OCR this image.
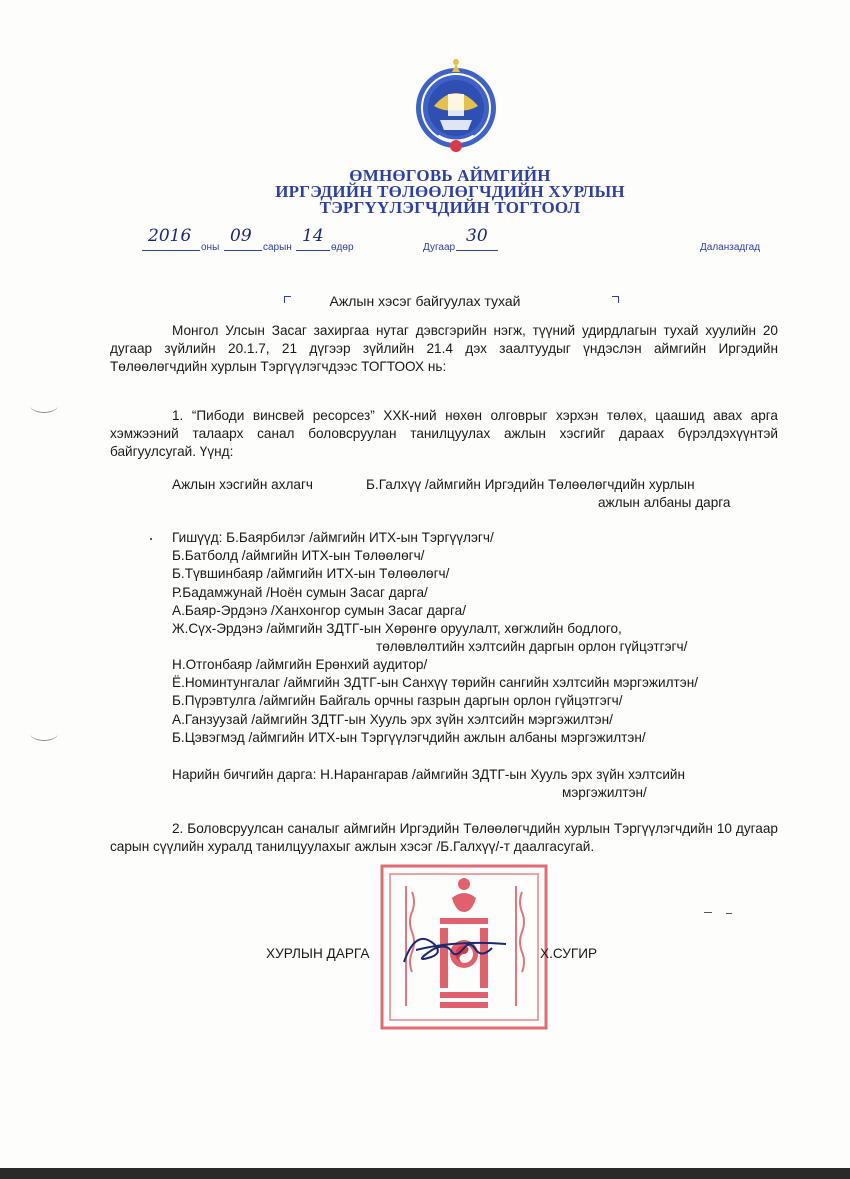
ӨМНӨГОВЬ АЙМГИЙН
ИРГЭДИЙН ТӨЛӨӨЛӨГЧДИЙН ХУРЛЫН
ТЭРГҮҮЛЭГЧДИЙН ТОГТООЛ
2016
оны
09
сарын
14
өдөр	Дугаар
30
Даланзадгад
Ажлын хэсэг байгуулах тухай
Монгол Улсын Засаг захиргаа нутаг дэвсгэрийн нэгж, түүний удирдлагын тухай хуулийн 20 дугаар зүйлийн 20.1.7, 21 дүгээр зүйлийн 21.4 дэх заалтуудыг үндэслэн аймгийн Иргэдийн Төлөөлөгчдийн хурлын Тэргүүлэгчдээс ТОГТООХ нь:
1. “Пибоди винсвей ресорсез” ХХК-ний нөхөн олговрыг хэрхэн төлөх, цаашид авах арга хэмжээний талаарх санал боловсруулан танилцуулах ажлын хэсгийг дараах бүрэлдэхүүнтэй байгуулсугай. Үүнд:
Ажлын хэсгийн ахлагч	Б.Галхүү /аймгийн Иргэдийн Төлөөлөгчдийн хурлын
ажлын албаны дарга
Гишүүд: Б.Баярбилэг /аймгийн ИТХ-ын Тэргүүлэгч/
Б.Батболд /аймгийн ИТХ-ын Төлөөлөгч/
Б.Түвшинбаяр /аймгийн ИТХ-ын Төлөөлөгч/
Р.Бадамжунай /Ноён сумын Засаг дарга/
А.Баяр-Эрдэнэ /Ханхонгор сумын Засаг дарга/
Ж.Сүх-Эрдэнэ /аймгийн ЗДТГ-ын Хөрөнгө оруулалт, хөгжлийн бодлого,
төлөвлөлтийн хэлтсийн даргын орлон гүйцэтгэгч/
Н.Отгонбаяр /аймгийн Ерөнхий аудитор/
Ё.Номинтунгалаг /аймгийн ЗДТГ-ын Санхүү төрийн сангийн хэлтсийн мэргэжилтэн/
Б.Пүрэвтулга /аймгийн Байгаль орчны газрын даргын орлон гүйцэтгэгч/
А.Ганзуузай /аймгийн ЗДТГ-ын Хууль эрх зүйн хэлтсийн мэргэжилтэн/
Б.Цэвэгмэд /аймгийн ИТХ-ын Тэргүүлэгчдийн ажлын албаны мэргэжилтэн/
Нарийн бичгийн дарга: Н.Нарангарав /аймгийн ЗДТГ-ын Хууль эрх зүйн хэлтсийн
мэргэжилтэн/
2. Боловсруулсан саналыг аймгийн Иргэдийн Төлөөлөгчдийн хурлын Тэргүүлэгчдийн 10 дугаар сарын сүүлийн хуралд танилцуулахыг ажлын хэсэг /Б.Галхүү/-т даалгасугай.
ХУРЛЫН ДАРГА	Х.СУГИР
